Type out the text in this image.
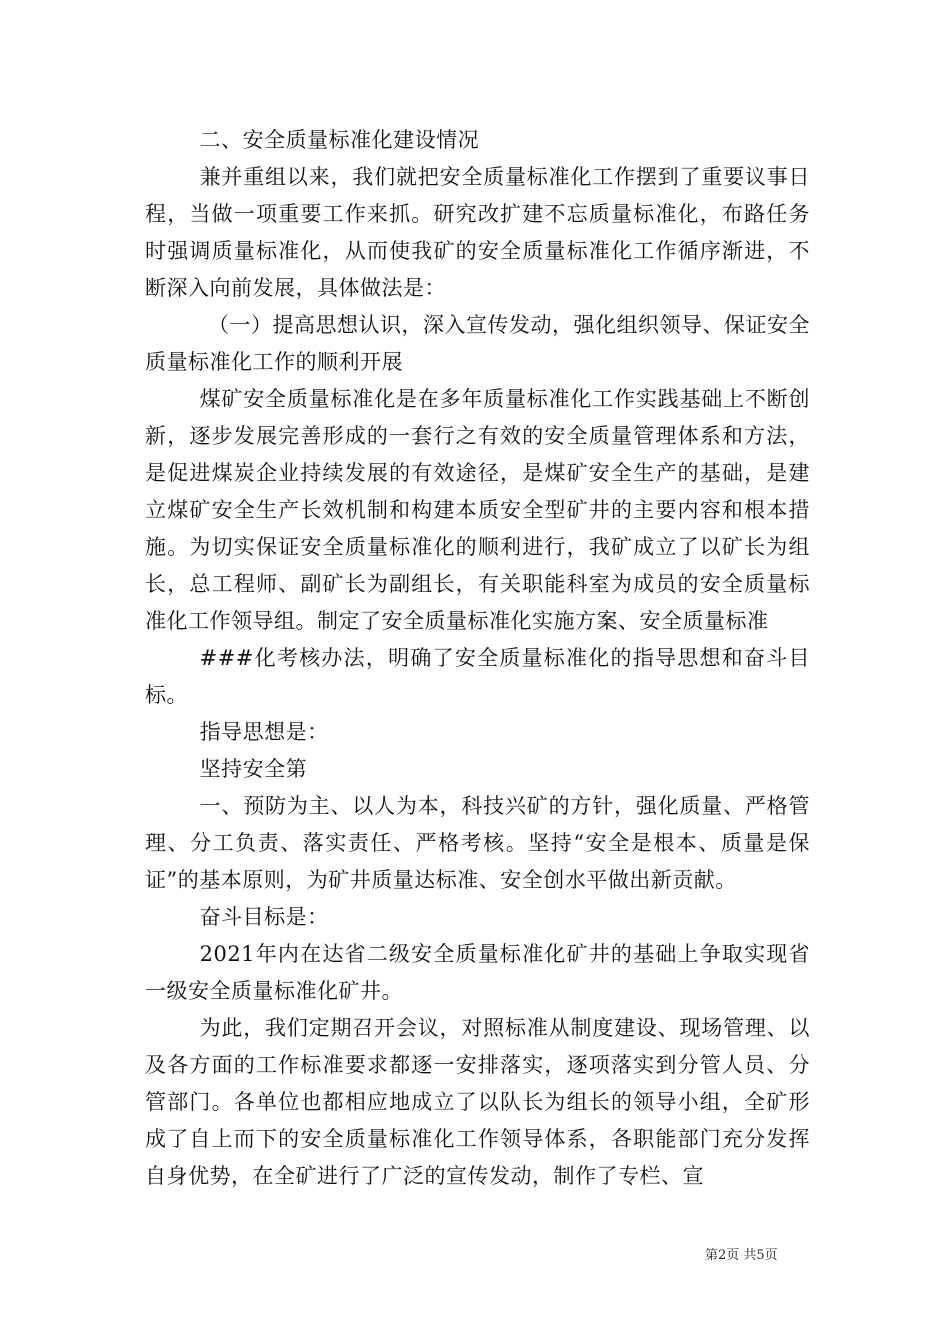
二、安全质量标准化建设情况

兼并重组以来，我们就把安全质量标准化工作摆到了重要议事日程，当做一项重要工作来抓。研究改扩建不忘质量标准化，布路任务时强调质量标准化，从而使我矿的安全质量标准化工作循序渐进，不断深入向前发展，具体做法是：

（一）提高思想认识，深入宣传发动，强化组织领导、保证安全质量标准化工作的顺利开展

煤矿安全质量标准化是在多年质量标准化工作实践基础上不断创新，逐步发展完善形成的一套行之有效的安全质量管理体系和方法，是促进煤炭企业持续发展的有效途径，是煤矿安全生产的基础，是建立煤矿安全生产长效机制和构建本质安全型矿井的主要内容和根本措施。为切实保证安全质量标准化的顺利进行，我矿成立了以矿长为组长，总工程师、副矿长为副组长，有关职能科室为成员的安全质量标准化工作领导组。制定了安全质量标准化实施方案、安全质量标准

###化考核办法，明确了安全质量标准化的指导思想和奋斗目标。

指导思想是：

坚持安全第

一、预防为主、以人为本，科技兴矿的方针，强化质量、严格管理、分工负责、落实责任、严格考核。坚持“安全是根本、质量是保证”的基本原则，为矿井质量达标准、安全创水平做出新贡献。

奋斗目标是：

2021年内在达省二级安全质量标准化矿井的基础上争取实现省一级安全质量标准化矿井。

为此，我们定期召开会议，对照标准从制度建设、现场管理、以及各方面的工作标准要求都逐一安排落实，逐项落实到分管人员、分管部门。各单位也都相应地成立了以队长为组长的领导小组，全矿形成了自上而下的安全质量标准化工作领导体系，各职能部门充分发挥自身优势，在全矿进行了广泛的宣传发动，制作了专栏、宣

第2页 共5页
